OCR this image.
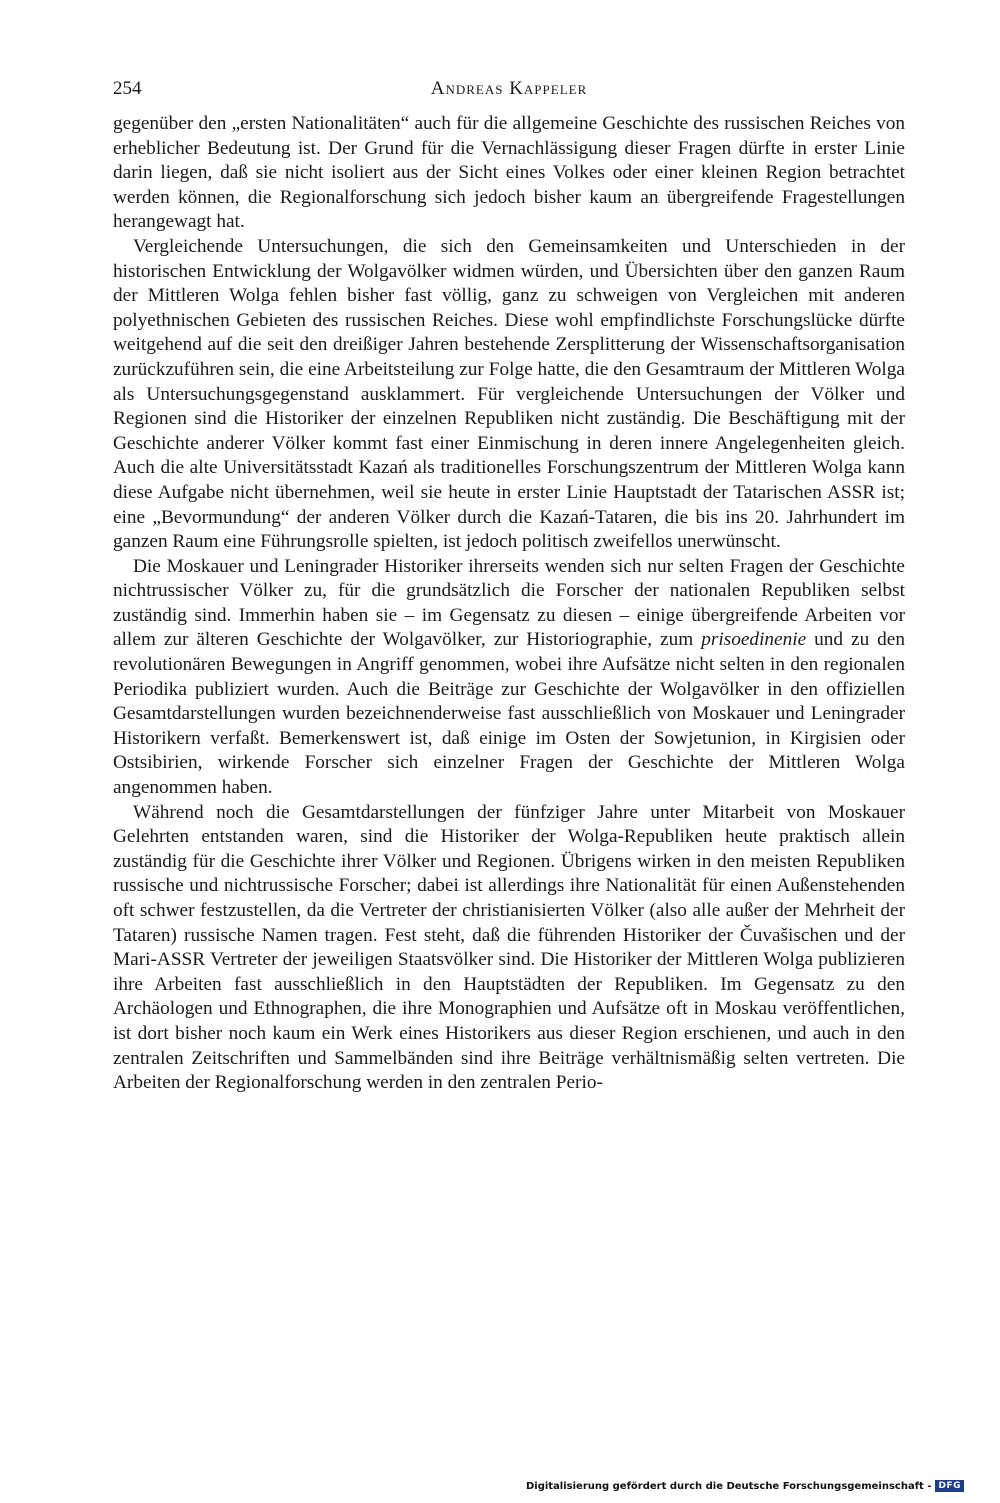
254	Andreas Kappeler

gegenüber den „ersten Nationalitäten“ auch für die allgemeine Geschichte des russischen Reiches von erheblicher Bedeutung ist. Der Grund für die Vernachlässigung dieser Fragen dürfte in erster Linie darin liegen, daß sie nicht isoliert aus der Sicht eines Volkes oder einer kleinen Region betrachtet werden können, die Regionalforschung sich jedoch bisher kaum an übergreifende Fragestellungen herangewagt hat.

Vergleichende Untersuchungen, die sich den Gemeinsamkeiten und Unterschieden in der historischen Entwicklung der Wolgavölker widmen würden, und Übersichten über den ganzen Raum der Mittleren Wolga fehlen bisher fast völlig, ganz zu schweigen von Vergleichen mit anderen polyethnischen Gebieten des russischen Reiches. Diese wohl empfindlichste Forschungslücke dürfte weitgehend auf die seit den dreißiger Jahren bestehende Zersplitterung der Wissenschaftsorganisation zurückzuführen sein, die eine Arbeitsteilung zur Folge hatte, die den Gesamtraum der Mittleren Wolga als Untersuchungsgegenstand ausklammert. Für vergleichende Untersuchungen der Völker und Regionen sind die Historiker der einzelnen Republiken nicht zuständig. Die Beschäftigung mit der Geschichte anderer Völker kommt fast einer Einmischung in deren innere Angelegenheiten gleich. Auch die alte Universitätsstadt Kazań als traditionelles Forschungszentrum der Mittleren Wolga kann diese Aufgabe nicht übernehmen, weil sie heute in erster Linie Hauptstadt der Tatarischen ASSR ist; eine „Bevormundung“ der anderen Völker durch die Kazań-Tataren, die bis ins 20. Jahrhundert im ganzen Raum eine Führungsrolle spielten, ist jedoch politisch zweifellos unerwünscht.

Die Moskauer und Leningrader Historiker ihrerseits wenden sich nur selten Fragen der Geschichte nichtrussischer Völker zu, für die grundsätzlich die Forscher der nationalen Republiken selbst zuständig sind. Immerhin haben sie – im Gegensatz zu diesen – einige übergreifende Arbeiten vor allem zur älteren Geschichte der Wolgavölker, zur Historiographie, zum prisoedinenie und zu den revolutionären Bewegungen in Angriff genommen, wobei ihre Aufsätze nicht selten in den regionalen Periodika publiziert wurden. Auch die Beiträge zur Geschichte der Wolgavölker in den offiziellen Gesamtdarstellungen wurden bezeichnenderweise fast ausschließlich von Moskauer und Leningrader Historikern verfaßt. Bemerkenswert ist, daß einige im Osten der Sowjetunion, in Kirgisien oder Ostsibirien, wirkende Forscher sich einzelner Fragen der Geschichte der Mittleren Wolga angenommen haben.

Während noch die Gesamtdarstellungen der fünfziger Jahre unter Mitarbeit von Moskauer Gelehrten entstanden waren, sind die Historiker der Wolga-Republiken heute praktisch allein zuständig für die Geschichte ihrer Völker und Regionen. Übrigens wirken in den meisten Republiken russische und nichtrussische Forscher; dabei ist allerdings ihre Nationalität für einen Außenstehenden oft schwer festzustellen, da die Vertreter der christianisierten Völker (also alle außer der Mehrheit der Tataren) russische Namen tragen. Fest steht, daß die führenden Historiker der Čuvašischen und der Mari-ASSR Vertreter der jeweiligen Staatsvölker sind. Die Historiker der Mittleren Wolga publizieren ihre Arbeiten fast ausschließlich in den Hauptstädten der Republiken. Im Gegensatz zu den Archäologen und Ethnographen, die ihre Monographien und Aufsätze oft in Moskau veröffentlichen, ist dort bisher noch kaum ein Werk eines Historikers aus dieser Region erschienen, und auch in den zentralen Zeitschriften und Sammelbänden sind ihre Beiträge verhältnismäßig selten vertreten. Die Arbeiten der Regionalforschung werden in den zentralen Perio-

Digitalisierung gefördert durch die Deutsche Forschungsgemeinschaft - DFG
